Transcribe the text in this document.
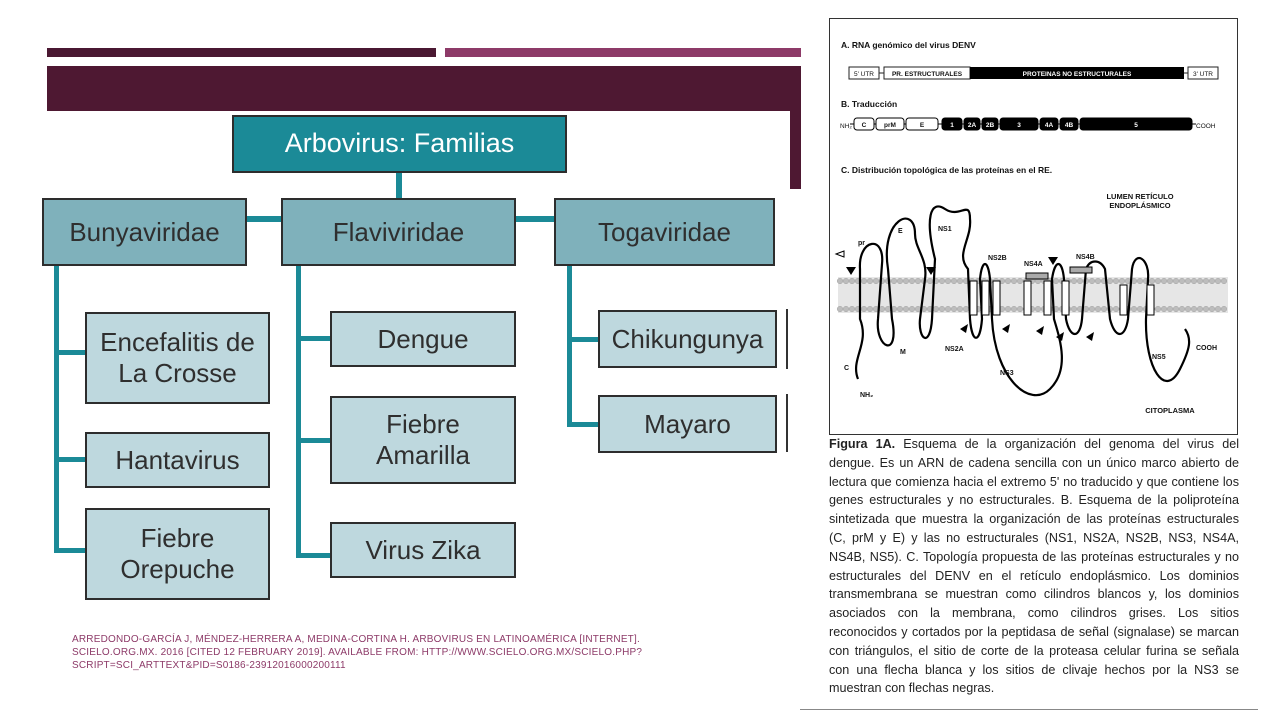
Arbovirus: Familias
Bunyaviridae	Flaviviridae	Togaviridae
Encefalitis de
La Crosse
Hantavirus
Fiebre
Orepuche
Dengue
Fiebre
Amarilla
Virus Zika
Chikungunya
Mayaro
ARREDONDO-GARCÍA J, MÉNDEZ-HERRERA A, MEDINA-CORTINA H. ARBOVIRUS EN LATINOAMÉRICA [INTERNET]. SCIELO.ORG.MX. 2016 [CITED 12 FEBRUARY 2019]. AVAILABLE FROM: HTTP://WWW.SCIELO.ORG.MX/SCIELO.PHP?SCRIPT=SCI_ARTTEXT&PID=S0186-23912016000200111
A. RNA genómico del virus DENV
5' UTR	PR. ESTRUCTURALES	PROTEINAS NO ESTRUCTURALES	3' UTR
B. Traducción
NH₂ C	prM	E	1 2A 2B	3	4A 4B	5	COOH
C. Distribución topológica de las proteínas en el RE.
LUMEN RETÍCULO ENDOPLÁSMICO
pr
E	NS1
NS2B
NS4A
NS4B
M	NS2A
NS3
NS5
C
NH₂
COOH
CITOPLASMA
Figura 1A. Esquema de la organización del genoma del virus del dengue. Es un ARN de cadena sencilla con un único marco abierto de lectura que comienza hacia el extremo 5' no traducido y que contiene los genes estructurales y no estructurales. B. Esquema de la poliproteína sintetizada que muestra la organización de las proteínas estructurales (C, prM y E) y las no estructurales (NS1, NS2A, NS2B, NS3, NS4A, NS4B, NS5). C. Topología propuesta de las proteínas estructurales y no estructurales del DENV en el retículo endoplásmico. Los dominios transmembrana se muestran como cilindros blancos y, los dominios asociados con la membrana, como cilindros grises. Los sitios reconocidos y cortados por la peptidasa de señal (signalase) se marcan con triángulos, el sitio de corte de la proteasa celular furina se señala con una flecha blanca y los sitios de clivaje hechos por la NS3 se muestran con flechas negras.
